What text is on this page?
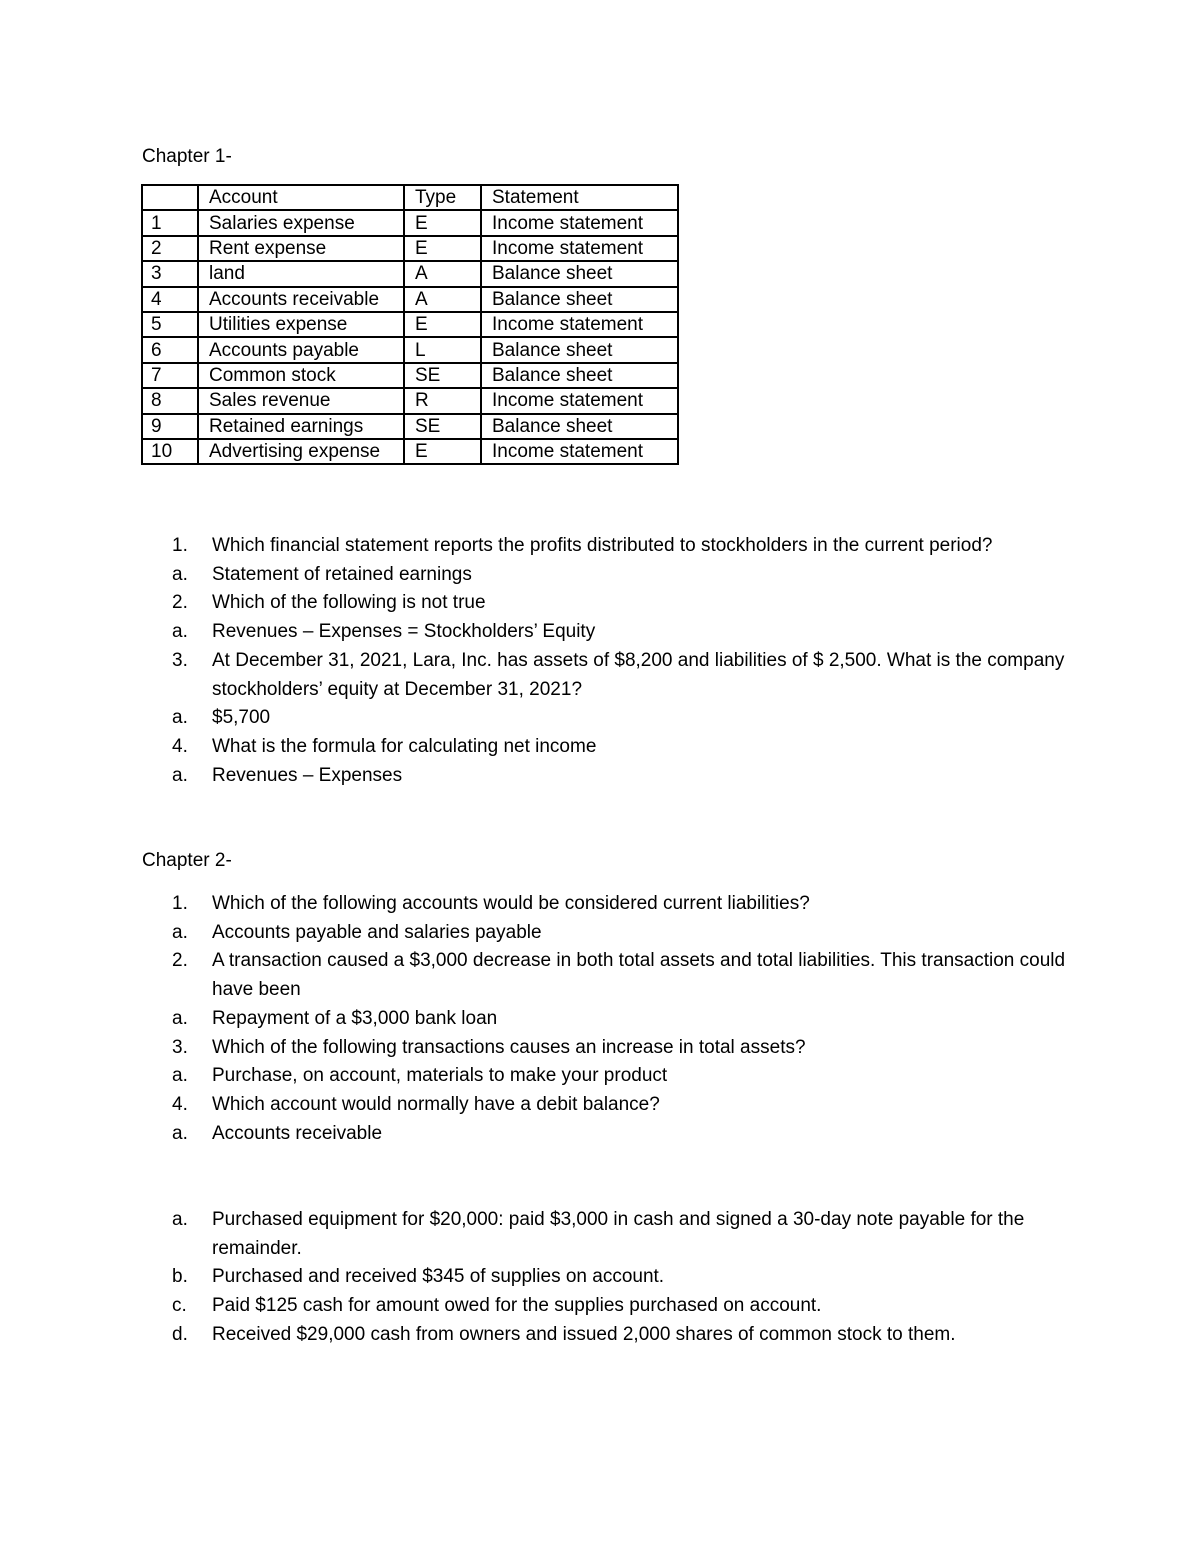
Chapter 1-
	Account	Type	Statement
1	Salaries expense	E	Income statement
2	Rent expense	E	Income statement
3	land	A	Balance sheet
4	Accounts receivable	A	Balance sheet
5	Utilities expense	E	Income statement
6	Accounts payable	L	Balance sheet
7	Common stock	SE	Balance sheet
8	Sales revenue	R	Income statement
9	Retained earnings	SE	Balance sheet
10	Advertising expense	E	Income statement
1. Which financial statement reports the profits distributed to stockholders in the current period?
a. Statement of retained earnings
2. Which of the following is not true
a. Revenues – Expenses = Stockholders’ Equity
3. At December 31, 2021, Lara, Inc. has assets of $8,200 and liabilities of $ 2,500. What is the company stockholders’ equity at December 31, 2021?
a. $5,700
4. What is the formula for calculating net income
a. Revenues – Expenses
Chapter 2-
1. Which of the following accounts would be considered current liabilities?
a. Accounts payable and salaries payable
2. A transaction caused a $3,000 decrease in both total assets and total liabilities. This transaction could have been
a. Repayment of a $3,000 bank loan
3. Which of the following transactions causes an increase in total assets?
a. Purchase, on account, materials to make your product
4. Which account would normally have a debit balance?
a. Accounts receivable
a. Purchased equipment for $20,000: paid $3,000 in cash and signed a 30-day note payable for the remainder.
b. Purchased and received $345 of supplies on account.
c. Paid $125 cash for amount owed for the supplies purchased on account.
d. Received $29,000 cash from owners and issued 2,000 shares of common stock to them.
